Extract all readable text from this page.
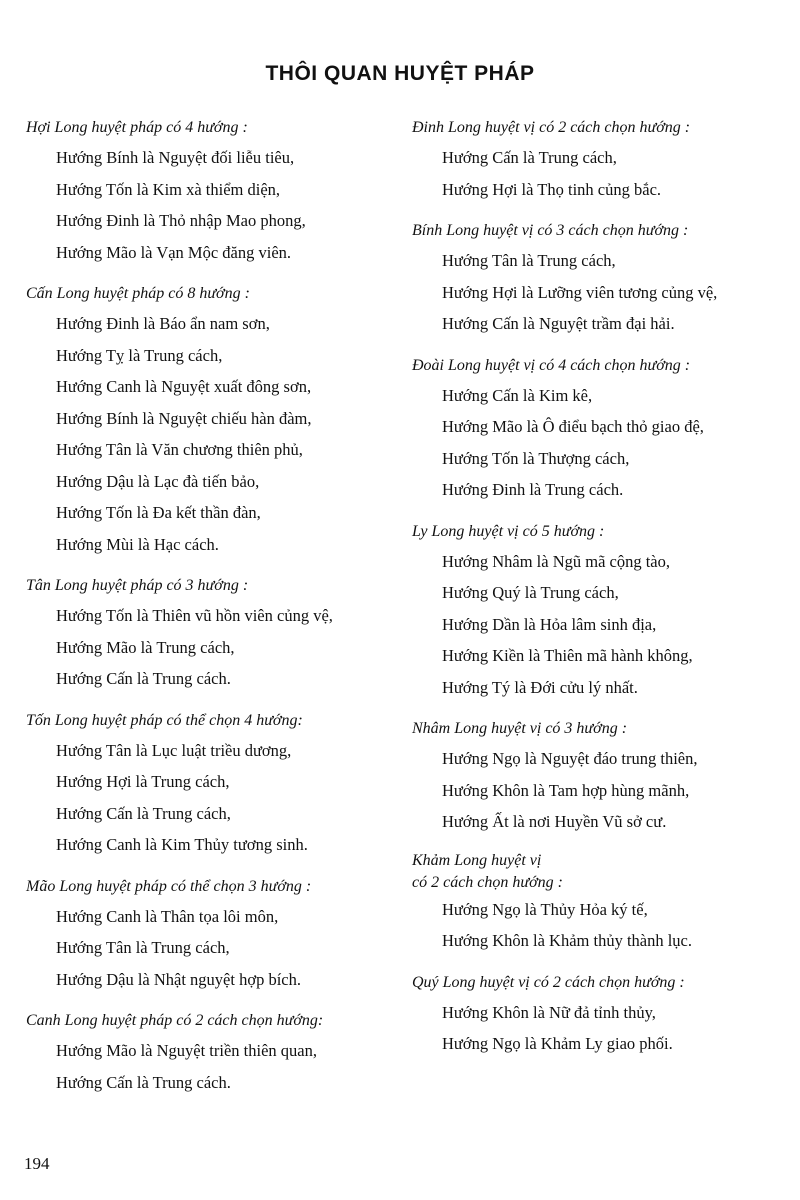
THÔI QUAN HUYỆT PHÁP
Hợi Long huyệt pháp có 4 hướng :
Hướng Bính là Nguyệt đối liễu tiêu,
Hướng Tốn là Kim xà thiểm diện,
Hướng Đinh là Thỏ nhập Mao phong,
Hướng Mão là Vạn Mộc đăng viên.
Cấn Long huyệt pháp có 8 hướng :
Hướng Đinh là Báo ẩn nam sơn,
Hướng Tỵ là Trung cách,
Hướng Canh là Nguyệt xuất đông sơn,
Hướng Bính là Nguyệt chiếu hàn đàm,
Hướng Tân là Văn chương thiên phủ,
Hướng Dậu là Lạc đà tiến bảo,
Hướng Tốn là Đa kết thần đàn,
Hướng Mùi là Hạc cách.
Tân Long huyệt pháp có 3 hướng :
Hướng Tốn là Thiên vũ hồn viên củng vệ,
Hướng Mão là Trung cách,
Hướng Cấn là Trung cách.
Tốn Long huyệt pháp có thể chọn 4 hướng:
Hướng Tân là Lục luật triều dương,
Hướng Hợi là Trung cách,
Hướng Cấn là Trung cách,
Hướng Canh là Kim Thủy tương sinh.
Mão Long huyệt pháp có thể chọn 3 hướng :
Hướng Canh là Thân tọa lôi môn,
Hướng Tân là Trung cách,
Hướng Dậu là Nhật nguyệt hợp bích.
Canh Long huyệt pháp có 2 cách chọn hướng:
Hướng Mão là Nguyệt triền thiên quan,
Hướng Cấn là Trung cách.
Đinh Long huyệt vị có 2 cách chọn hướng :
Hướng Cấn là Trung cách,
Hướng Hợi là Thọ tinh củng bắc.
Bính Long huyệt vị có 3 cách chọn hướng :
Hướng Tân là Trung cách,
Hướng Hợi là Lưỡng viên tương củng vệ,
Hướng Cấn là Nguyệt trầm đại hải.
Đoài Long huyệt vị có 4 cách chọn hướng :
Hướng Cấn là Kim kê,
Hướng Mão là Ô điểu bạch thỏ giao đệ,
Hướng Tốn là Thượng cách,
Hướng Đinh là Trung cách.
Ly Long huyệt vị có 5 hướng :
Hướng Nhâm là Ngũ mã cộng tào,
Hướng Quý là Trung cách,
Hướng Dần là Hỏa lâm sinh địa,
Hướng Kiền là Thiên mã hành không,
Hướng Tý là Đới cửu lý nhất.
Nhâm Long huyệt vị có 3 hướng :
Hướng Ngọ là Nguyệt đáo trung thiên,
Hướng Khôn là Tam hợp hùng mãnh,
Hướng Ất là nơi Huyền Vũ sở cư.
Khảm Long huyệt vị
có 2 cách chọn hướng :
Hướng Ngọ là Thủy Hỏa ký tế,
Hướng Khôn là Khảm thủy thành lục.
Quý Long huyệt vị có 2 cách chọn hướng :
Hướng Khôn là Nữ đả tỉnh thủy,
Hướng Ngọ là Khảm Ly giao phối.
194
